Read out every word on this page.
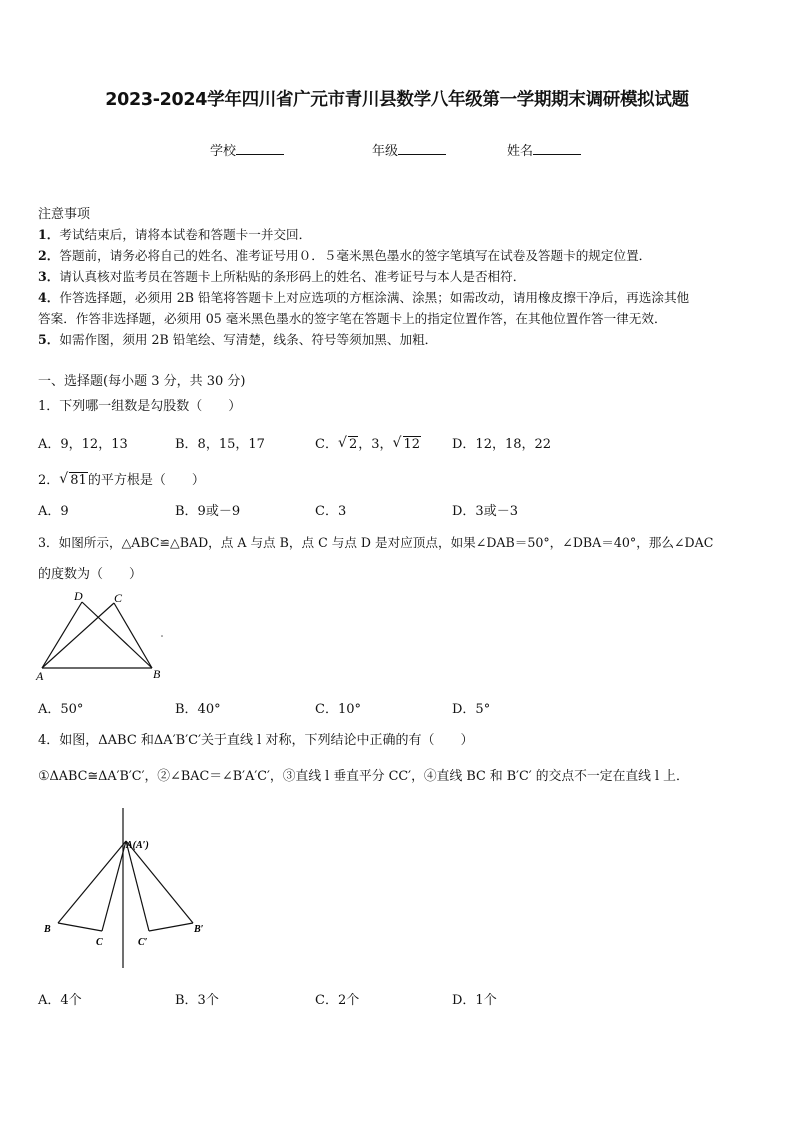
2023-2024学年四川省广元市青川县数学八年级第一学期期末调研模拟试题
学校	年级	姓名
注意事项
1．考试结束后，请将本试卷和答题卡一并交回．
2．答题前，请务必将自己的姓名、准考证号用０．５毫米黑色墨水的签字笔填写在试卷及答题卡的规定位置．
3．请认真核对监考员在答题卡上所粘贴的条形码上的姓名、准考证号与本人是否相符．
4．作答选择题，必须用 2B 铅笔将答题卡上对应选项的方框涂满、涂黑；如需改动，请用橡皮擦干净后，再选涂其他
答案．作答非选择题，必须用 05 毫米黑色墨水的签字笔在答题卡上的指定位置作答，在其他位置作答一律无效．
5．如需作图，须用 2B 铅笔绘、写清楚，线条、符号等须加黑、加粗．
一、选择题(每小题 3 分，共 30 分)
1．下列哪一组数是勾股数（　　）
A．9，12，13	B．8，15，17	C． √ 2，3， √ 12 D．12，18，22
2． √ 81的平方根是（　　）
A．9	B．9或－9	C．3	D．3或－3
3．如图所示，△ABC≌△BAD，点 A 与点 B，点 C 与点 D 是对应顶点，如果∠DAB＝50°，∠DBA＝40°，那么∠DAC
的度数为（　　）
A	B
C
D
A．50°	B．40°	C．10°	D．5°
4．如图，ΔABC 和ΔA′B′C′关于直线 l 对称，下列结论中正确的有（　　）
①ΔABC≅ΔA′B′C′，②∠BAC＝∠B′A′C′，③直线 l 垂直平分 CC′，④直线 BC 和 B′C′ 的交点不一定在直线 l 上．
A(A′)
B
C	C′
B′
A．4个	B．3个	C．2个	D．1个
